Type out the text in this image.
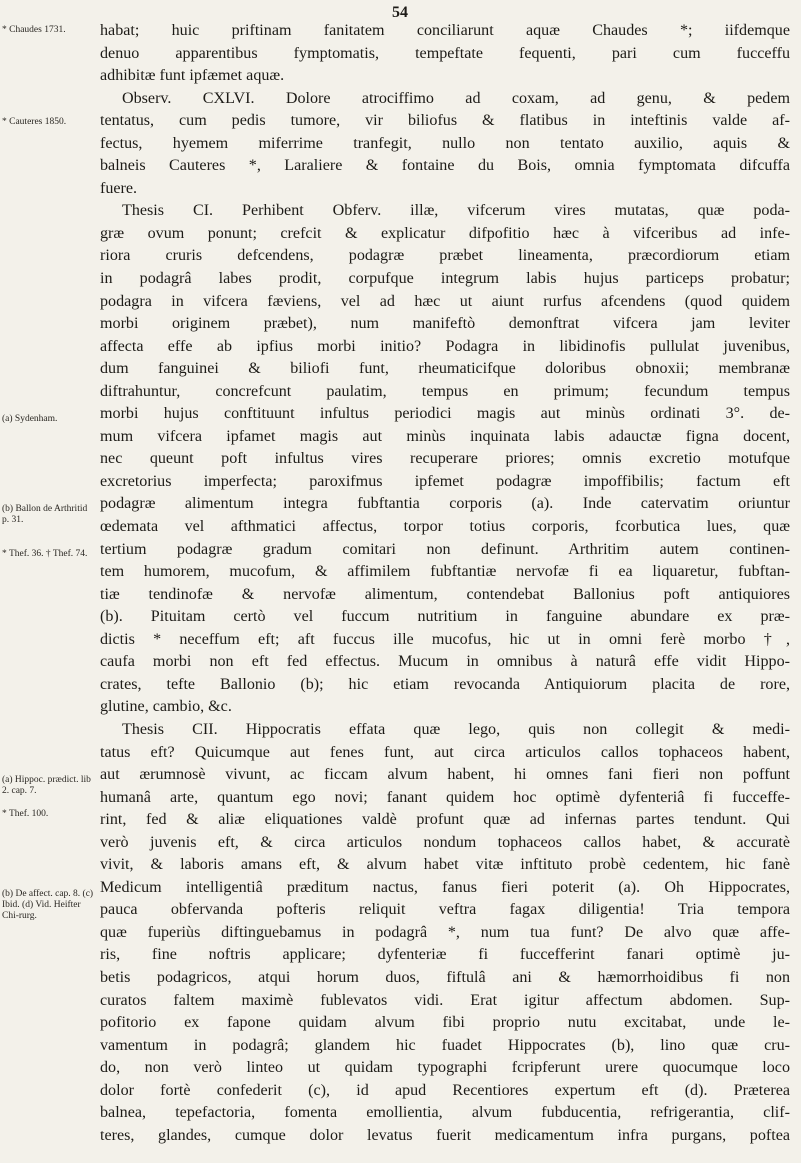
54
* Chaudes 1731.
* Cauteres 1850.
(a) Sydenham.
(b) Ballon de Arthritid p. 31.
* Thef. 36. † Thef. 74.
(a) Hippoc. prædict. lib 2. cap. 7.
* Thef. 100.
(b) De affect. cap. 8. (c) Ibid. (d) Vid. Heifter Chi-rurg.
habat; huic priftinam fanitatem conciliarunt aquæ Chaudes *; iifdemque
denuo apparentibus fymptomatis, tempeftate fequenti, pari cum fucceffu
adhibitæ funt ipfæmet aquæ.
Observ. CXLVI. Dolore atrociffimo ad coxam, ad genu, & pedem
tentatus, cum pedis tumore, vir biliofus & flatibus in inteftinis valde af-
fectus, hyemem miferrime tranfegit, nullo non tentato auxilio, aquis &
balneis Cauteres *, Laraliere & fontaine du Bois, omnia fymptomata difcuffa
fuere.
Thesis CI. Perhibent Obferv. illæ, vifcerum vires mutatas, quæ poda-
græ ovum ponunt; crefcit & explicatur difpofitio hæc à vifceribus ad infe-
riora cruris defcendens, podagræ præbet lineamenta, præcordiorum etiam
in podagrâ labes prodit, corpufque integrum labis hujus particeps probatur;
podagra in vifcera fæviens, vel ad hæc ut aiunt rurfus afcendens (quod quidem
morbi originem præbet), num manifeftò demonftrat vifcera jam leviter
affecta effe ab ipfius morbi initio? Podagra in libidinofis pullulat juvenibus,
dum fanguinei & biliofi funt, rheumaticifque doloribus obnoxii; membranæ
diftrahuntur, concrefcunt paulatim, tempus en primum; fecundum tempus
morbi hujus conftituunt infultus periodici magis aut minùs ordinati 3°. de-
mum vifcera ipfamet magis aut minùs inquinata labis adauctæ figna docent,
nec queunt poft infultus vires recuperare priores; omnis excretio motufque
excretorius imperfecta; paroxifmus ipfemet podagræ impoffibilis; factum eft
podagræ alimentum integra fubftantia corporis (a). Inde catervatim oriuntur
œdemata vel afthmatici affectus, torpor totius corporis, fcorbutica lues, quæ
tertium podagræ gradum comitari non definunt. Arthritim autem continen-
tem humorem, mucofum, & affimilem fubftantiæ nervofæ fi ea liquaretur, fubftan-
tiæ tendinofæ & nervofæ alimentum, contendebat Ballonius poft antiquiores
(b). Pituitam certò vel fuccum nutritium in fanguine abundare ex præ-
dictis * neceffum eft; aft fuccus ille mucofus, hic ut in omni ferè morbo †,
caufa morbi non eft fed effectus. Mucum in omnibus à naturâ effe vidit Hippo-
crates, tefte Ballonio (b); hic etiam revocanda Antiquiorum placita de rore,
glutine, cambio, &c.
Thesis CII. Hippocratis effata quæ lego, quis non collegit & medi-
tatus eft? Quicumque aut fenes funt, aut circa articulos callos tophaceos habent,
aut ærumnosè vivunt, ac ficcam alvum habent, hi omnes fani fieri non poffunt
humanâ arte, quantum ego novi; fanant quidem hoc optimè dyfenteriâ fi fucceffe-
rint, fed & aliæ eliquationes valdè profunt quæ ad infernas partes tendunt. Qui
verò juvenis eft, & circa articulos nondum tophaceos callos habet, & accuratè
vivit, & laboris amans eft, & alvum habet vitæ inftituto probè cedentem, hic fanè
Medicum intelligentiâ præditum nactus, fanus fieri poterit (a). Oh Hippocrates,
pauca obfervanda pofteris reliquit veftra fagax diligentia! Tria tempora
quæ fuperiùs diftinguebamus in podagrâ *, num tua funt? De alvo quæ affe-
ris, fine noftris applicare; dyfenteriæ fi fuccefferint fanari optimè ju-
betis podagricos, atqui horum duos, fiftulâ ani & hæmorrhoidibus fi non
curatos faltem maximè fublevatos vidi. Erat igitur affectum abdomen. Sup-
pofitorio ex fapone quidam alvum fibi proprio nutu excitabat, unde le-
vamentum in podagrâ; glandem hic fuadet Hippocrates (b), lino quæ cru-
do, non verò linteo ut quidam typographi fcripferunt urere quocumque loco
dolor fortè confederit (c), id apud Recentiores expertum eft (d). Præterea
balnea, tepefactoria, fomenta emollientia, alvum fubducentia, refrigerantia, clif-
teres, glandes, cumque dolor levatus fuerit medicamentum infra purgans, poftea
